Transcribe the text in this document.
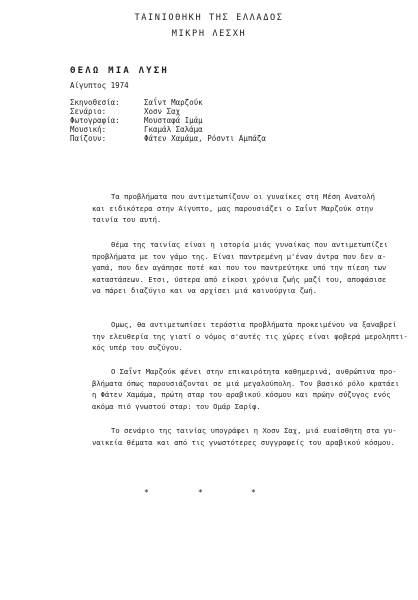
ΤΑΙΝΙΟΘΗΚΗ ΤΗΣ ΕΛΛΑΔΟΣ
ΜΙΚΡΗ ΛΕΣΧΗ
ΘΕΛΩ ΜΙΑ ΛΥΣΗ
Αίγυπτος 1974
Σκηνοθεσία:	Σαΐντ Μαρζούκ
Σενάριο:	Χοσν Σαχ
Φωτογραφία:	Μουσταφά Ιμάμ
Μουσική:	Γκαμάλ Σαλάμα
Παίζουν:	Φάτεν Χαμάμα, Ρόσντι Αμπάζα

Τα προβλήματα που αντιμετωπίζουν οι γυναίκες στη Μέση Ανατολή
και ειδικότερα στην Αίγυπτο, μας παρουσιάζει ο Σαΐντ Μαρζούκ στην
ταινία του αυτή.

Θέμα της ταινίας είναι η ιστορία μιάς γυναίκας που αντιμετωπίζει
προβλήματα με τον γάμο της. Είναι παντρεμένη μ'έναν άντρα που δεν α-
γαπά, που δεν αγάπησε ποτέ και που τον παντρεύτηκε υπό την πίεση των
καταστάσεων. Ετσι, ύστερα από είκοσι χρόνια ζωής μαζί του, αποφάσισε
να πάρει διαζύγιο και να αρχίσει μιά καινούργια ζωή.

Ομως, θα αντιμετωπίσει τεράστια προβλήματα προκειμένου να ξαναβρεί
την ελευθερία της γιατί ο νόμος σ'αυτές τις χώρες είναι φοβερά μεροληπτι-
κός υπέρ του συζύγου.

Ο Σαΐντ Μαρζούκ φένει στην επικαιρότητα καθημερινά, ανθρώπινα προ-
βλήματα όπως παρουσιάζονται σε μιά μεγαλούπολη. Τον βασικό ρόλο κρατάει
η Φάτεν Χαμάμα, πρώτη σταρ του αραβικού κόσμου και πρώην σύζυγος ενός
ακόμα πιό γνωστού σταρ: του Ομάρ Σαρίφ.

Το σενάριο της ταινίας υπογράφει η Χοσν Σαχ, μιά ευαίσθητη στα γυ-
ναικεία θέματα και από τις γνωστότερες συγγραφείς του αραβικού κόσμου.

*	*	*
